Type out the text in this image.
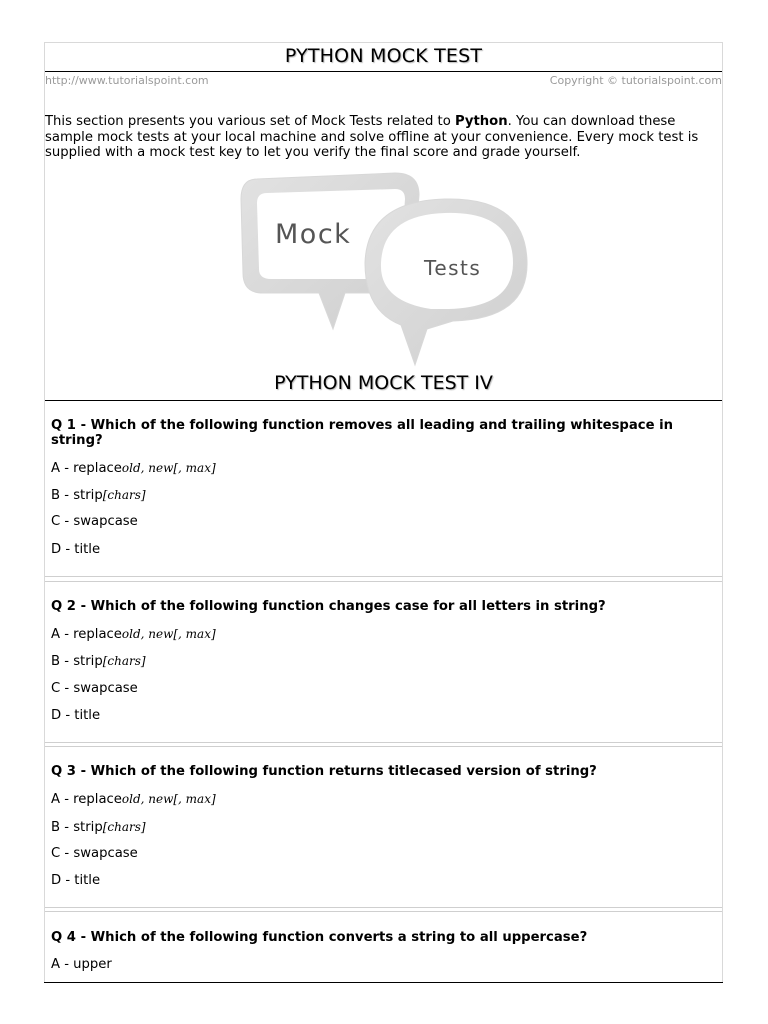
PYTHON MOCK TEST
http://www.tutorialspoint.com	Copyright © tutorialspoint.com
This section presents you various set of Mock Tests related to Python. You can download these sample mock tests at your local machine and solve offline at your convenience. Every mock test is supplied with a mock test key to let you verify the final score and grade yourself.
Mock
Tests
PYTHON MOCK TEST IV
Q 1 - Which of the following function removes all leading and trailing whitespace in string?
A - replaceold, new[, max]
B - strip[chars]
C - swapcase
D - title
Q 2 - Which of the following function changes case for all letters in string?
A - replaceold, new[, max]
B - strip[chars]
C - swapcase
D - title
Q 3 - Which of the following function returns titlecased version of string?
A - replaceold, new[, max]
B - strip[chars]
C - swapcase
D - title
Q 4 - Which of the following function converts a string to all uppercase?
A - upper
